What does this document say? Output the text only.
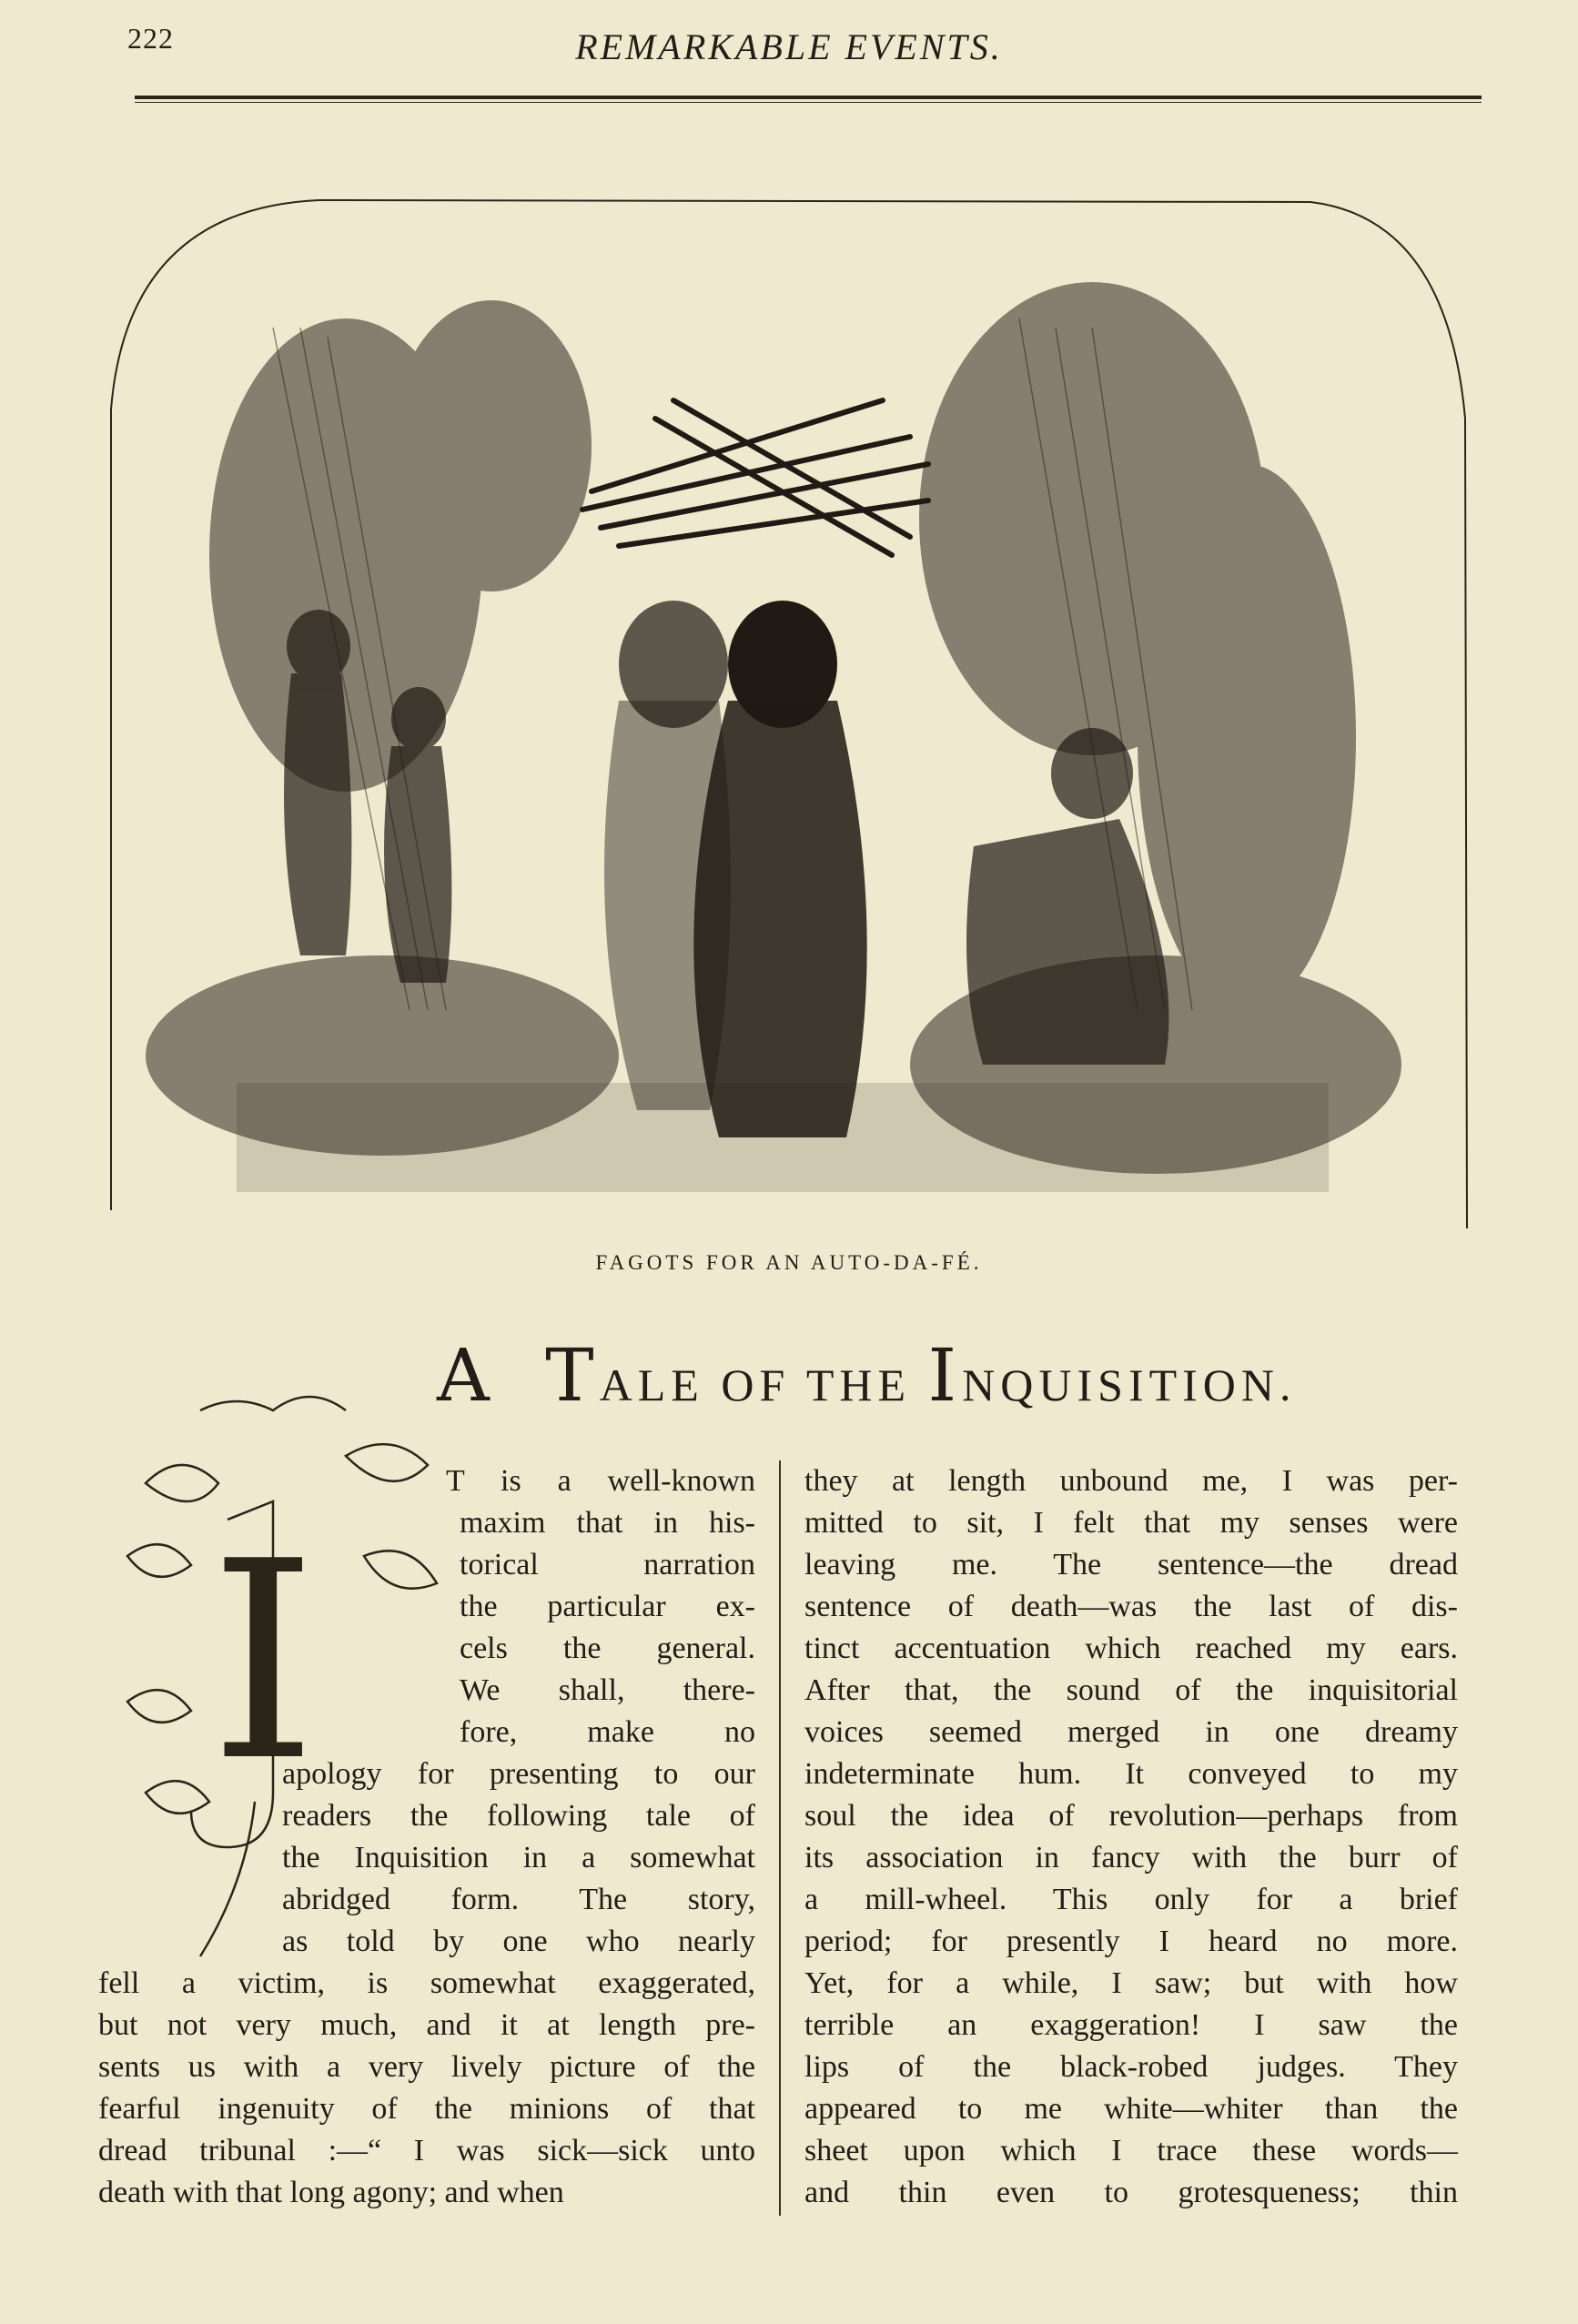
222	REMARKABLE EVENTS.
FAGOTS FOR AN AUTO-DA-FÉ.
A TALE OF THE INQUISITION.
I
T is a well-known
maxim that in his-
torical narration
the particular ex-
cels the general.
We shall, there-
fore, make no
apology for presenting to our
readers the following tale of
the Inquisition in a somewhat
abridged form. The story,
as told by one who nearly
fell a victim, is somewhat exaggerated,
but not very much, and it at length pre-
sents us with a very lively picture of the
fearful ingenuity of the minions of that
dread tribunal :—“ I was sick—sick unto
death with that long agony; and when
they at length unbound me, I was per-
mitted to sit, I felt that my senses were
leaving me. The sentence—the dread
sentence of death—was the last of dis-
tinct accentuation which reached my ears.
After that, the sound of the inquisitorial
voices seemed merged in one dreamy
indeterminate hum. It conveyed to my
soul the idea of revolution—perhaps from
its association in fancy with the burr of
a mill-wheel. This only for a brief
period; for presently I heard no more.
Yet, for a while, I saw; but with how
terrible an exaggeration! I saw the
lips of the black-robed judges. They
appeared to me white—whiter than the
sheet upon which I trace these words—
and thin even to grotesqueness; thin
